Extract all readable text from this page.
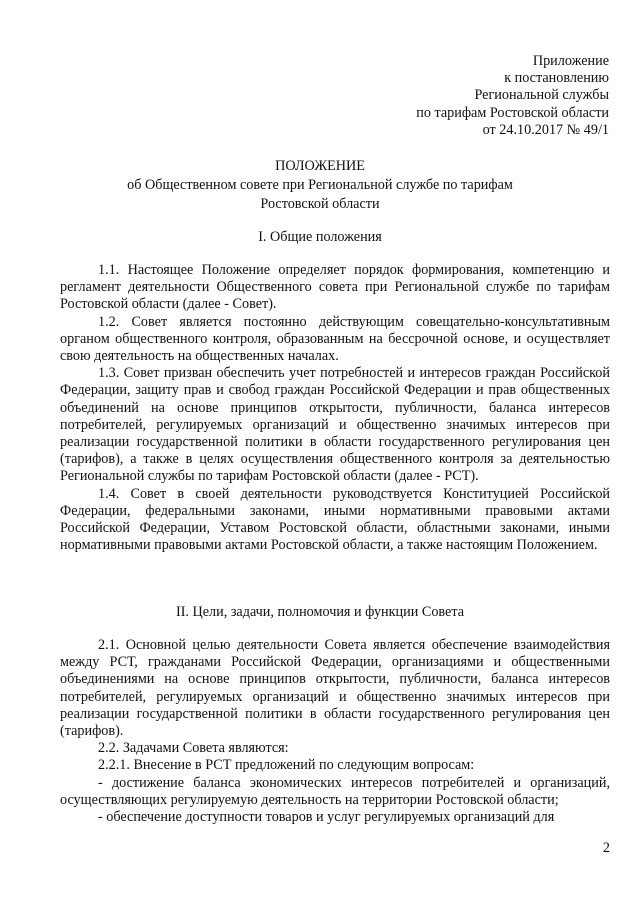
Приложение
к постановлению
Региональной службы
по тарифам Ростовской области
от 24.10.2017 № 49/1
ПОЛОЖЕНИЕ
об Общественном совете при Региональной службе по тарифам
Ростовской области
I. Общие положения

1.1. Настоящее Положение определяет порядок формирования, компетенцию и регламент деятельности Общественного совета при Региональной службе по тарифам Ростовской области (далее - Совет).

1.2. Совет является постоянно действующим совещательно-консультативным органом общественного контроля, образованным на бессрочной основе, и осуществляет свою деятельность на общественных началах.

1.3. Совет призван обеспечить учет потребностей и интересов граждан Российской Федерации, защиту прав и свобод граждан Российской Федерации и прав общественных объединений на основе принципов открытости, публичности, баланса интересов потребителей, регулируемых организаций и общественно значимых интересов при реализации государственной политики в области государственного регулирования цен (тарифов), а также в целях осуществления общественного контроля за деятельностью Региональной службы по тарифам Ростовской области (далее - РСТ).

1.4. Совет в своей деятельности руководствуется Конституцией Российской Федерации, федеральными законами, иными нормативными правовыми актами Российской Федерации, Уставом Ростовской области, областными законами, иными нормативными правовыми актами Ростовской области, а также настоящим Положением.

II. Цели, задачи, полномочия и функции Совета

2.1. Основной целью деятельности Совета является обеспечение взаимодействия между РСТ, гражданами Российской Федерации, организациями и общественными объединениями на основе принципов открытости, публичности, баланса интересов потребителей, регулируемых организаций и общественно значимых интересов при реализации государственной политики в области государственного регулирования цен (тарифов).

2.2. Задачами Совета являются:

2.2.1. Внесение в РСТ предложений по следующим вопросам:

- достижение баланса экономических интересов потребителей и организаций, осуществляющих регулируемую деятельность на территории Ростовской области;

- обеспечение доступности товаров и услуг регулируемых организаций для

2
